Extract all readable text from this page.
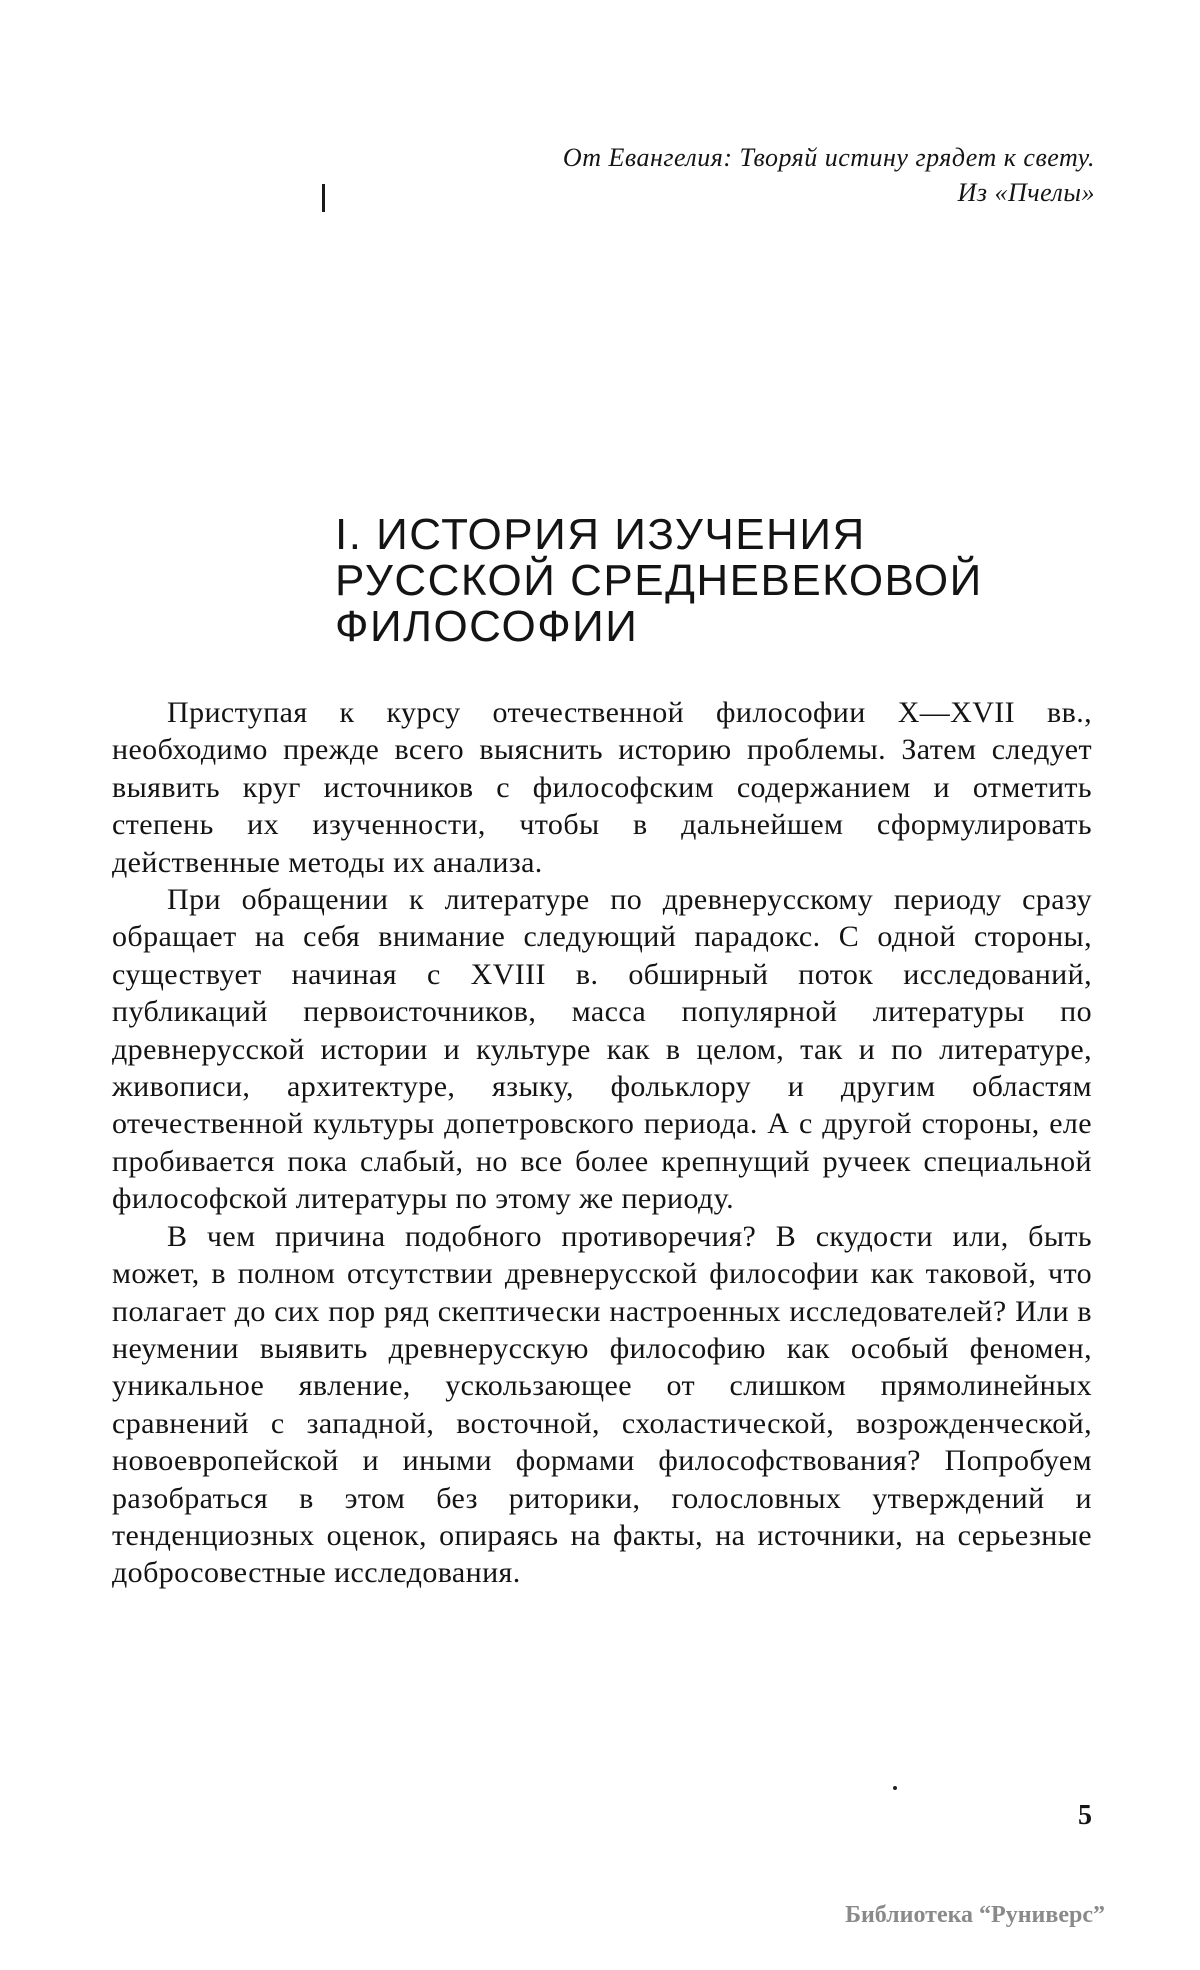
От Евангелия: Творяй истину грядет к свету.
Из «Пчелы»
I. ИСТОРИЯ ИЗУЧЕНИЯ
РУССКОЙ СРЕДНЕВЕКОВОЙ
ФИЛОСОФИИ

Приступая к курсу отечественной философии X—XVII вв., необходимо прежде всего выяснить историю проблемы. Затем следует выявить круг источников с философским содержанием и отметить степень их изученности, чтобы в дальнейшем сформулировать действенные методы их анализа.

При обращении к литературе по древнерусскому периоду сразу обращает на себя внимание следующий парадокс. С одной стороны, существует начиная с XVIII в. обширный поток исследований, публикаций первоисточников, масса популярной литературы по древнерусской истории и культуре как в целом, так и по литературе, живописи, архитектуре, языку, фольклору и другим областям отечественной культуры допетровского периода. А с другой стороны, еле пробивается пока слабый, но все более крепнущий ручеек специальной философской литературы по этому же периоду.

В чем причина подобного противоречия? В скудости или, быть может, в полном отсутствии древнерусской философии как таковой, что полагает до сих пор ряд скептически настроенных исследователей? Или в неумении выявить древнерусскую философию как особый феномен, уникальное явление, ускользающее от слишком прямолинейных сравнений с западной, восточной, схоластической, возрожденческой, новоевропейской и иными формами философствования? Попробуем разобраться в этом без риторики, голословных утверждений и тенденциозных оценок, опираясь на факты, на источники, на серьезные добросовестные исследования.

5
Библиотека “Руниверс”
